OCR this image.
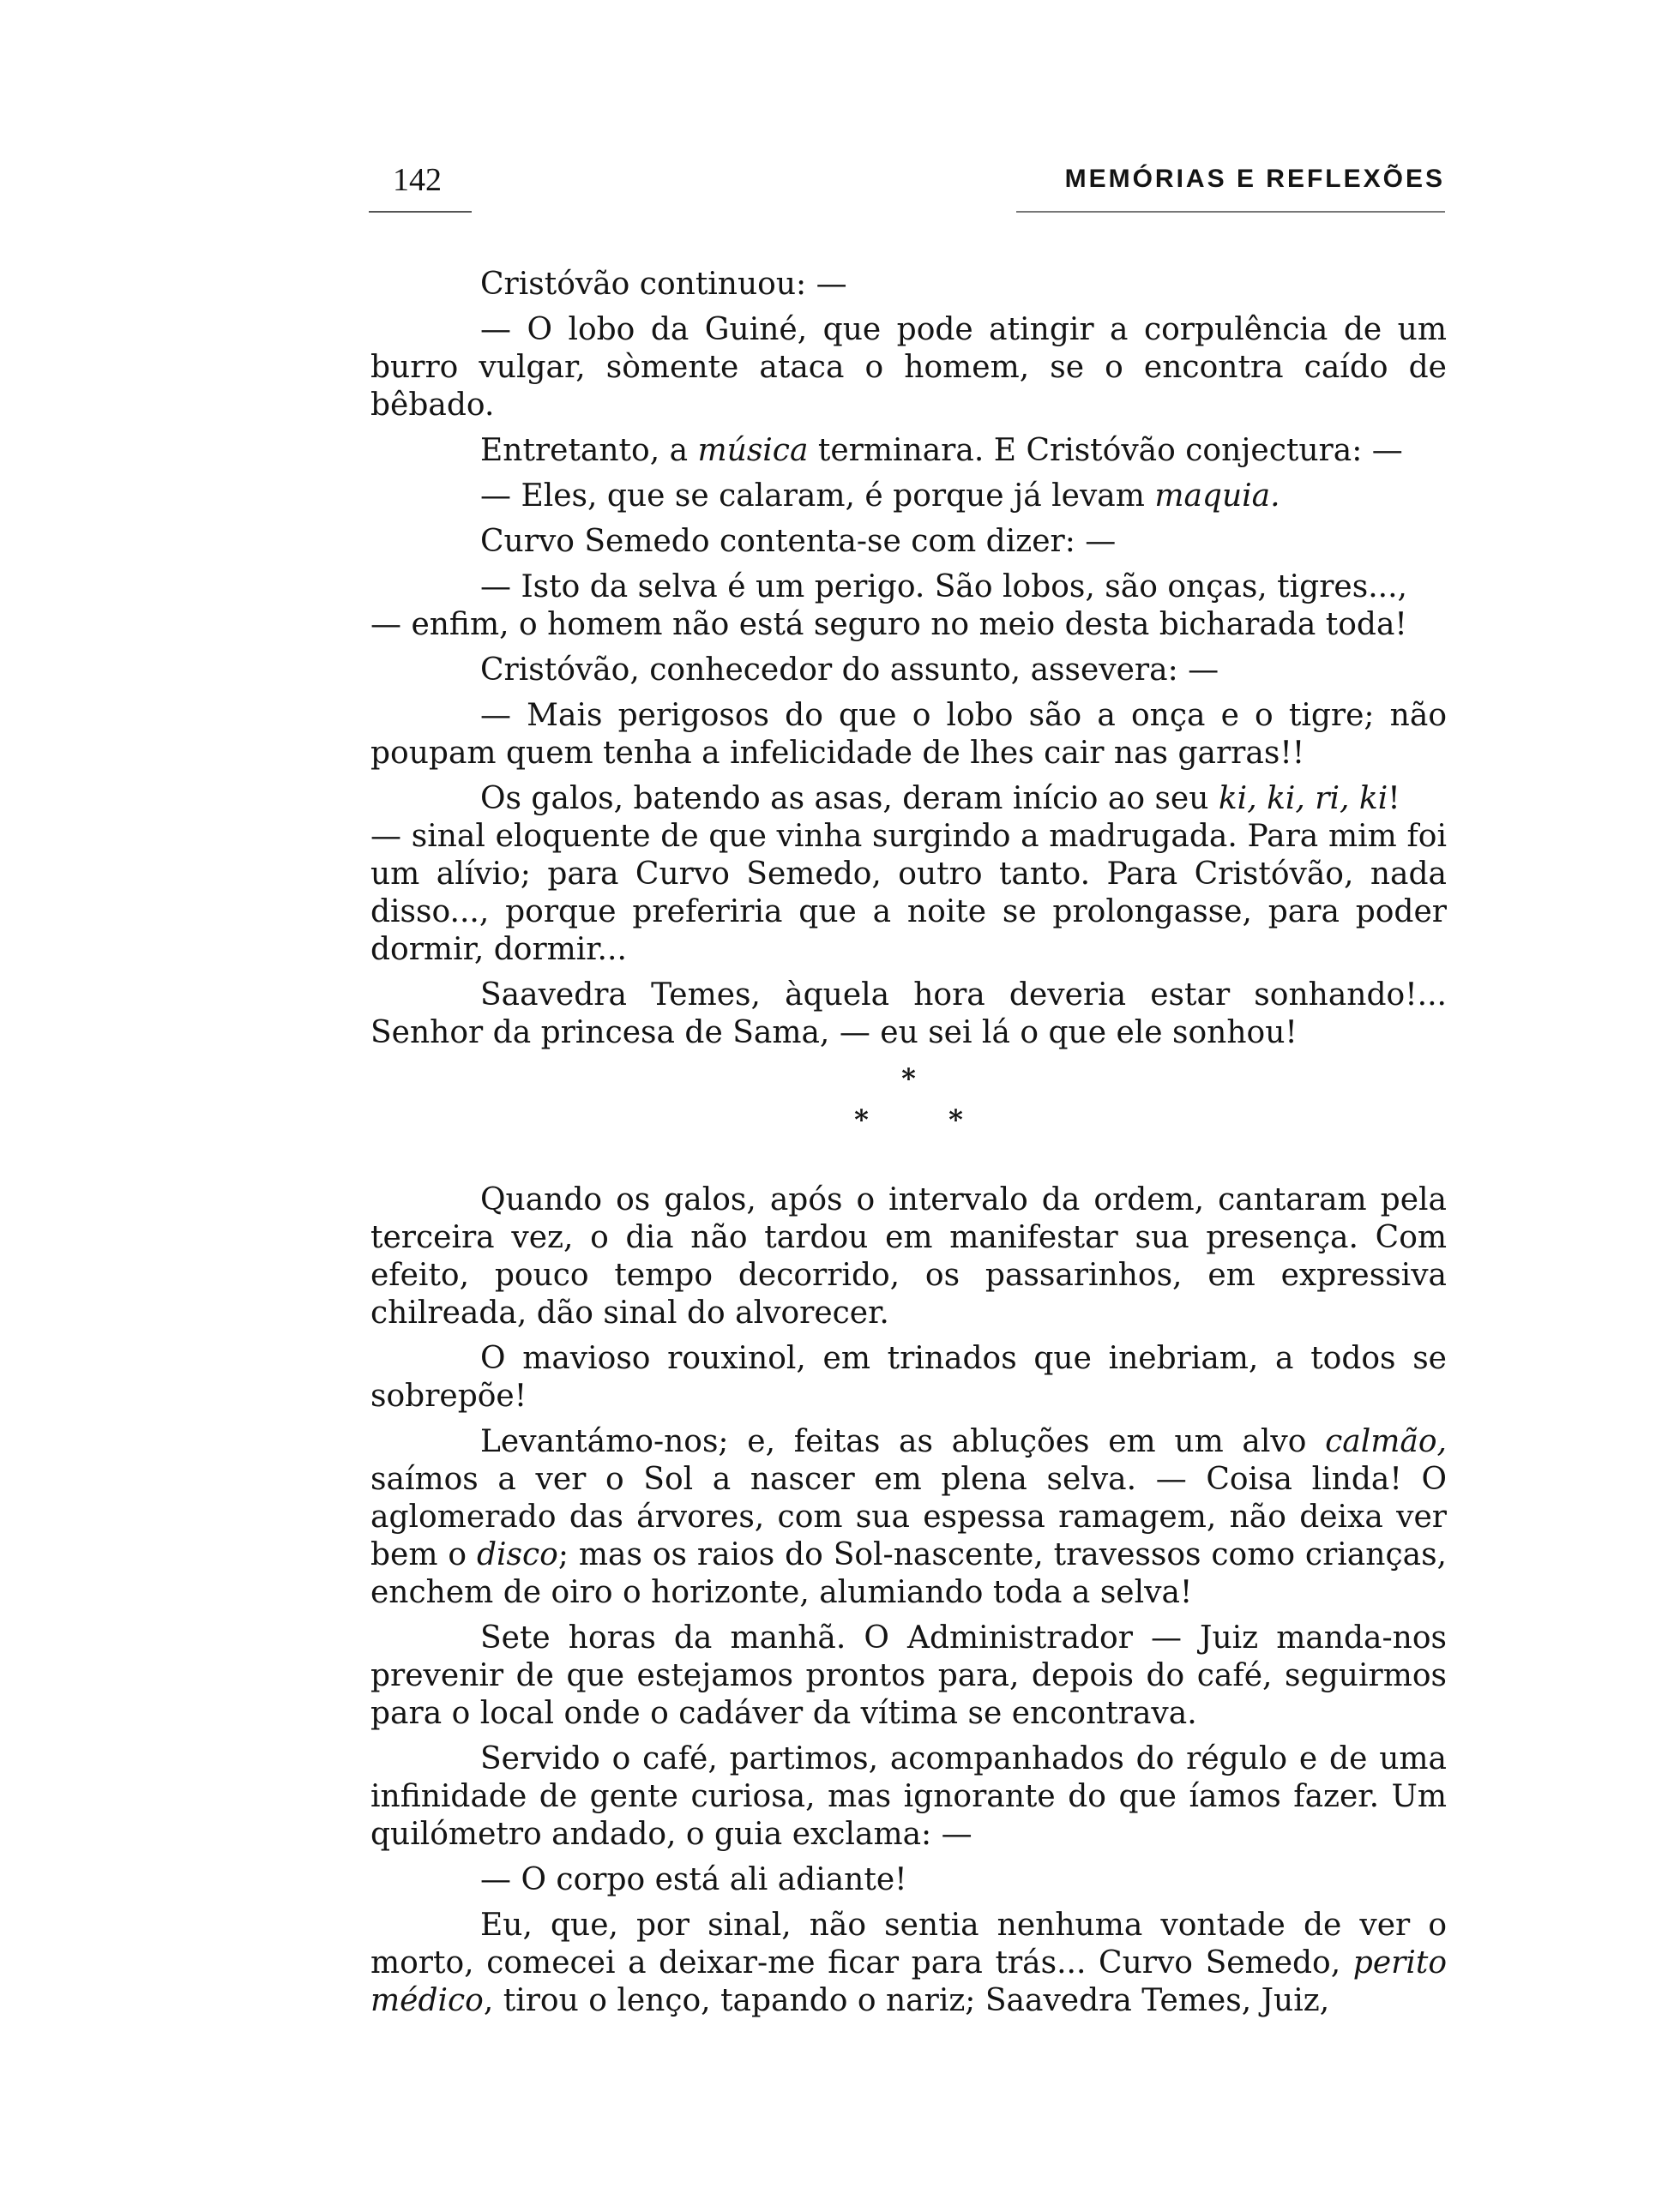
142	MEMÓRIAS E REFLEXÕES

Cristóvão continuou: —

— O lobo da Guiné, que pode atingir a corpulência de um burro vulgar, sòmente ataca o homem, se o encontra caído de bêbado.

Entretanto, a música terminara. E Cristóvão conjectura: —

— Eles, que se calaram, é porque já levam maquia.

Curvo Semedo contenta-se com dizer: —

— Isto da selva é um perigo. São lobos, são onças, tigres...,

— enfim, o homem não está seguro no meio desta bicharada toda!

Cristóvão, conhecedor do assunto, assevera: —

— Mais perigosos do que o lobo são a onça e o tigre; não poupam quem tenha a infelicidade de lhes cair nas garras!!

Os galos, batendo as asas, deram início ao seu ki, ki, ri, ki!

— sinal eloquente de que vinha surgindo a madrugada. Para mim foi um alívio; para Curvo Semedo, outro tanto. Para Cristóvão, nada disso..., porque preferiria que a noite se prolongasse, para poder dormir, dormir...

Saavedra Temes, àquela hora deveria estar sonhando!... Senhor da princesa de Sama, — eu sei lá o que ele sonhou!

*
*	*

Quando os galos, após o intervalo da ordem, cantaram pela terceira vez, o dia não tardou em manifestar sua presença. Com efeito, pouco tempo decorrido, os passarinhos, em expressiva chilreada, dão sinal do alvorecer.

O mavioso rouxinol, em trinados que inebriam, a todos se sobrepõe!

Levantámo-nos; e, feitas as abluções em um alvo calmão, saímos a ver o Sol a nascer em plena selva. — Coisa linda! O aglomerado das árvores, com sua espessa ramagem, não deixa ver bem o disco; mas os raios do Sol-nascente, travessos como crianças, enchem de oiro o horizonte, alumiando toda a selva!

Sete horas da manhã. O Administrador — Juiz manda-nos prevenir de que estejamos prontos para, depois do café, seguirmos para o local onde o cadáver da vítima se encontrava.

Servido o café, partimos, acompanhados do régulo e de uma infinidade de gente curiosa, mas ignorante do que íamos fazer. Um quilómetro andado, o guia exclama: —

— O corpo está ali adiante!

Eu, que, por sinal, não sentia nenhuma vontade de ver o morto, comecei a deixar-me ficar para trás... Curvo Semedo, perito médico, tirou o lenço, tapando o nariz; Saavedra Temes, Juiz,
